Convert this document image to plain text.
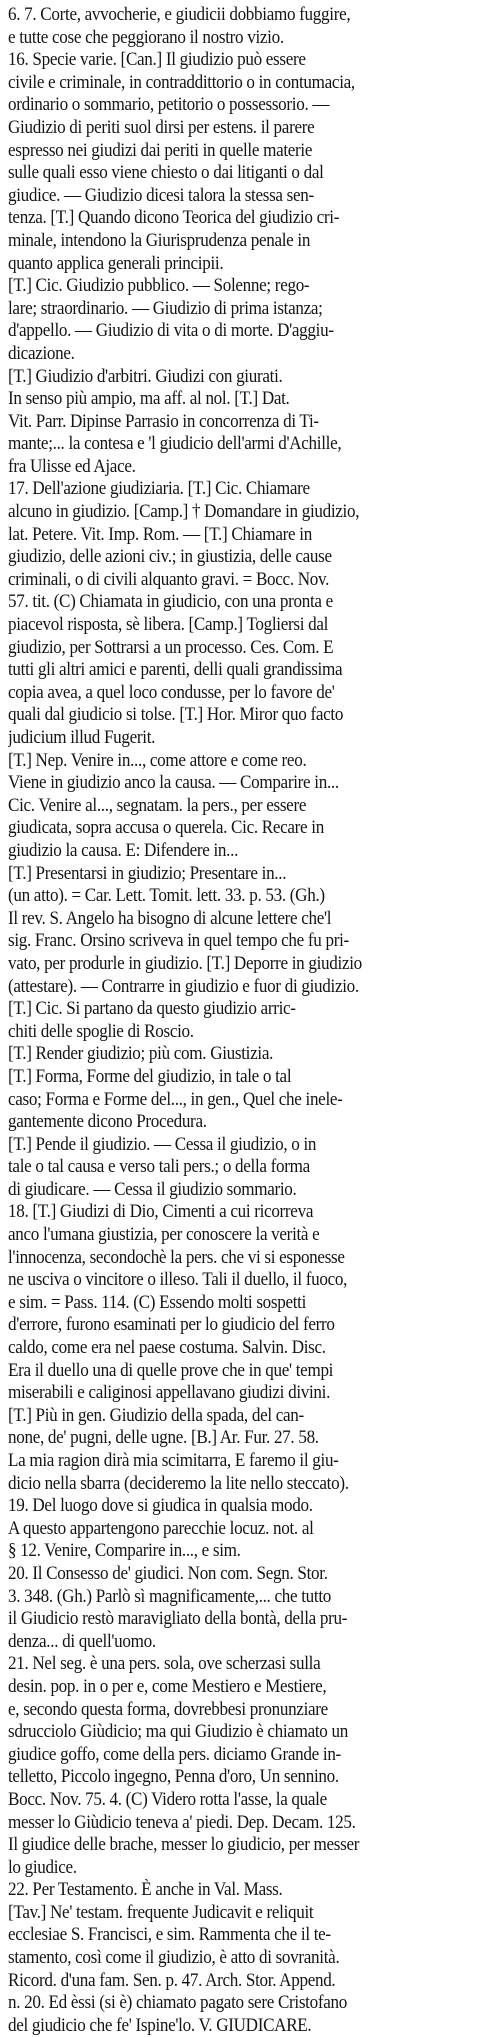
6. 7. Corte, avvocherie, e giudicii dobbiamo fuggire,
e tutte cose che peggiorano il nostro vizio.
16. Specie varie. [Can.] Il giudizio può essere
civile e criminale, in contraddittorio o in contumacia,
ordinario o sommario, petitorio o possessorio. —
Giudizio di periti suol dirsi per estens. il parere
espresso nei giudizi dai periti in quelle materie
sulle quali esso viene chiesto o dai litiganti o dal
giudice. — Giudizio dicesi talora la stessa sen-
tenza. [T.] Quando dicono Teorica del giudizio cri-
minale, intendono la Giurisprudenza penale in
quanto applica generali principii.
[T.] Cic. Giudizio pubblico. — Solenne; rego-
lare; straordinario. — Giudizio di prima istanza;
d'appello. — Giudizio di vita o di morte. D'aggiu-
dicazione.
[T.] Giudizio d'arbitri. Giudizi con giurati.
In senso più ampio, ma aff. al nol. [T.] Dat.
Vit. Parr. Dipinse Parrasio in concorrenza di Ti-
mante;... la contesa e 'l giudicio dell'armi d'Achille,
fra Ulisse ed Ajace.
17. Dell'azione giudiziaria. [T.] Cic. Chiamare
alcuno in giudizio. [Camp.] † Domandare in giudizio,
lat. Petere. Vit. Imp. Rom. — [T.] Chiamare in
giudizio, delle azioni civ.; in giustizia, delle cause
criminali, o di civili alquanto gravi. = Bocc. Nov.
57. tit. (C) Chiamata in giudicio, con una pronta e
piacevol risposta, sè libera. [Camp.] Togliersi dal
giudizio, per Sottrarsi a un processo. Ces. Com. E
tutti gli altri amici e parenti, delli quali grandissima
copia avea, a quel loco condusse, per lo favore de'
quali dal giudicio si tolse. [T.] Hor. Miror quo facto
judicium illud Fugerit.
[T.] Nep. Venire in..., come attore e come reo.
Viene in giudizio anco la causa. — Comparire in...
Cic. Venire al..., segnatam. la pers., per essere
giudicata, sopra accusa o querela. Cic. Recare in
giudizio la causa. E: Difendere in...
[T.] Presentarsi in giudizio; Presentare in...
(un atto). = Car. Lett. Tomit. lett. 33. p. 53. (Gh.)
Il rev. S. Angelo ha bisogno di alcune lettere che'l
sig. Franc. Orsino scriveva in quel tempo che fu pri-
vato, per produrle in giudizio. [T.] Deporre in giudizio
(attestare). — Contrarre in giudizio e fuor di giudizio.
[T.] Cic. Si partano da questo giudizio arric-
chiti delle spoglie di Roscio.
[T.] Render giudizio; più com. Giustizia.
[T.] Forma, Forme del giudizio, in tale o tal
caso; Forma e Forme del..., in gen., Quel che inele-
gantemente dicono Procedura.
[T.] Pende il giudizio. — Cessa il giudizio, o in
tale o tal causa e verso tali pers.; o della forma
di giudicare. — Cessa il giudizio sommario.
18. [T.] Giudizi di Dio, Cimenti a cui ricorreva
anco l'umana giustizia, per conoscere la verità e
l'innocenza, secondochè la pers. che vi si esponesse
ne usciva o vincitore o illeso. Tali il duello, il fuoco,
e sim. = Pass. 114. (C) Essendo molti sospetti
d'errore, furono esaminati per lo giudicio del ferro
caldo, come era nel paese costuma. Salvin. Disc.
Era il duello una di quelle prove che in que' tempi
miserabili e caliginosi appellavano giudizi divini.
[T.] Più in gen. Giudizio della spada, del can-
none, de' pugni, delle ugne. [B.] Ar. Fur. 27. 58.
La mia ragion dirà mia scimitarra, E faremo il giu-
dicio nella sbarra (decideremo la lite nello steccato).
19. Del luogo dove si giudica in qualsia modo.
A questo appartengono parecchie locuz. not. al
§ 12. Venire, Comparire in..., e sim.
20. Il Consesso de' giudici. Non com. Segn. Stor.
3. 348. (Gh.) Parlò sì magnificamente,... che tutto
il Giudicio restò maravigliato della bontà, della pru-
denza... di quell'uomo.
21. Nel seg. è una pers. sola, ove scherzasi sulla
desin. pop. in o per e, come Mestiero e Mestiere,
e, secondo questa forma, dovrebbesi pronunziare
sdrucciolo Giùdicio; ma qui Giudizio è chiamato un
giudice goffo, come della pers. diciamo Grande in-
telletto, Piccolo ingegno, Penna d'oro, Un sennino.
Bocc. Nov. 75. 4. (C) Videro rotta l'asse, la quale
messer lo Giùdicio teneva a' piedi. Dep. Decam. 125.
Il giudice delle brache, messer lo giudicio, per messer
lo giudice.
22. Per Testamento. È anche in Val. Mass.
[Tav.] Ne' testam. frequente Judicavit e reliquit
ecclesiae S. Francisci, e sim. Rammenta che il te-
stamento, così come il giudizio, è atto di sovranità.
Ricord. d'una fam. Sen. p. 47. Arch. Stor. Append.
n. 20. Ed èssi (si è) chiamato pagato sere Cristofano
del giudicio che fe' Ispine'lo. V. GIUDICARE.
